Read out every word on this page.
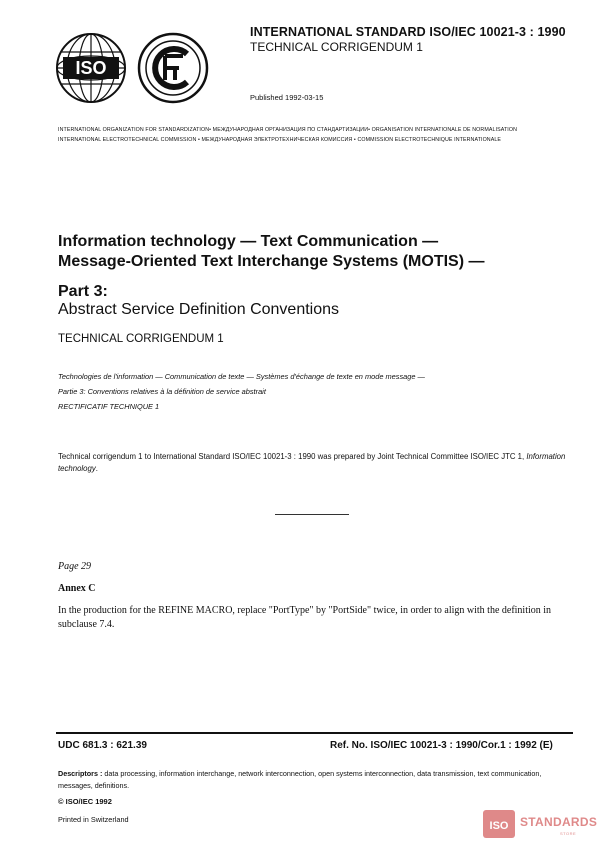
ISO
INTERNATIONAL STANDARD ISO/IEC 10021-3 : 1990
TECHNICAL CORRIGENDUM 1
Published 1992-03-15
INTERNATIONAL ORGANIZATION FOR STANDARDIZATION• МЕЖДУНАРОДНАЯ ОРГАНИЗАЦИЯ ПО СТАНДАРТИЗАЦИИ• ORGANISATION INTERNATIONALE DE NORMALISATION
INTERNATIONAL ELECTROTECHNICAL COMMISSION • МЕЖДУНАРОДНАЯ ЭЛЕКТРОТЕХНИЧЕСКАЯ КОМИССИЯ • COMMISSION ELECTROTECHNIQUE INTERNATIONALE
Information technology — Text Communication —
Message-Oriented Text Interchange Systems (MOTIS) —
Part 3:
Abstract Service Definition Conventions
TECHNICAL CORRIGENDUM 1
Technologies de l'information — Communication de texte — Systèmes d'échange de texte en mode message —
Partie 3: Conventions relatives à la définition de service abstrait
RECTIFICATIF TECHNIQUE 1
Technical corrigendum 1 to International Standard ISO/IEC 10021-3 : 1990 was prepared by Joint Technical Committee ISO/IEC JTC 1, Information technology.
Page 29
Annex C
In the production for the REFINE MACRO, replace "PortType" by "PortSide" twice, in order to align with the definition in subclause 7.4.
UDC 681.3 : 621.39	Ref. No. ISO/IEC 10021-3 : 1990/Cor.1 : 1992 (E)
Descriptors : data processing, information interchange, network interconnection, open systems interconnection, data transmission, text communication, messages, definitions.
© ISO/IEC 1992
Printed in Switzerland
ISO STANDARDS
STORE
